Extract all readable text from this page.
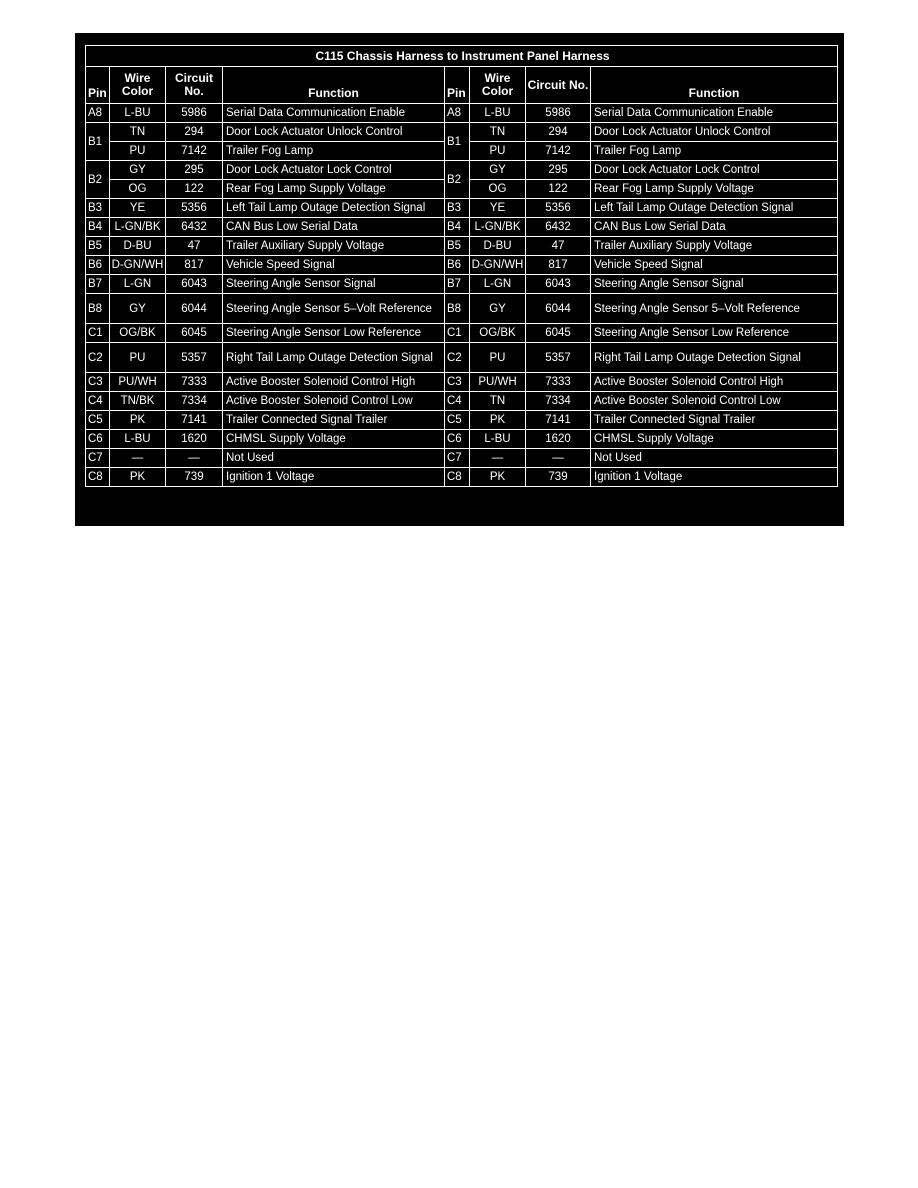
C115 Chassis Harness to Instrument Panel Harness							
Pin	Wire Color	Circuit No.	Function	Pin	Wire Color	Circuit No.	Function
A8	L-BU	5986	Serial Data Communication Enable	A8	L-BU	5986	Serial Data Communication Enable
B1	TN	294	Door Lock Actuator Unlock Control	B1	TN	294	Door Lock Actuator Unlock Control
	PU	7142	Trailer Fog Lamp		PU	7142	Trailer Fog Lamp
B2	GY	295	Door Lock Actuator Lock Control	B2	GY	295	Door Lock Actuator Lock Control
	OG	122	Rear Fog Lamp Supply Voltage		OG	122	Rear Fog Lamp Supply Voltage
B3	YE	5356	Left Tail Lamp Outage Detection Signal	B3	YE	5356	Left Tail Lamp Outage Detection Signal
B4	L-GN/BK	6432	CAN Bus Low Serial Data	B4	L-GN/BK	6432	CAN Bus Low Serial Data
B5	D-BU	47	Trailer Auxiliary Supply Voltage	B5	D-BU	47	Trailer Auxiliary Supply Voltage
B6	D-GN/WH	817	Vehicle Speed Signal	B6	D-GN/WH	817	Vehicle Speed Signal
B7	L-GN	6043	Steering Angle Sensor Signal	B7	L-GN	6043	Steering Angle Sensor Signal
B8	GY	6044	Steering Angle Sensor 5–Volt Reference	B8	GY	6044	Steering Angle Sensor 5–Volt Reference
C1	OG/BK	6045	Steering Angle Sensor Low Reference	C1	OG/BK	6045	Steering Angle Sensor Low Reference
C2	PU	5357	Right Tail Lamp Outage Detection Signal	C2	PU	5357	Right Tail Lamp Outage Detection Signal
C3	PU/WH	7333	Active Booster Solenoid Control High	C3	PU/WH	7333	Active Booster Solenoid Control High
C4	TN/BK	7334	Active Booster Solenoid Control Low	C4	TN	7334	Active Booster Solenoid Control Low
C5	PK	7141	Trailer Connected Signal Trailer	C5	PK	7141	Trailer Connected Signal Trailer
C6	L-BU	1620	CHMSL Supply Voltage	C6	L-BU	1620	CHMSL Supply Voltage
C7	—	—	Not Used	C7	—	—	Not Used
C8	PK	739	Ignition 1 Voltage	C8	PK	739	Ignition 1 Voltage
